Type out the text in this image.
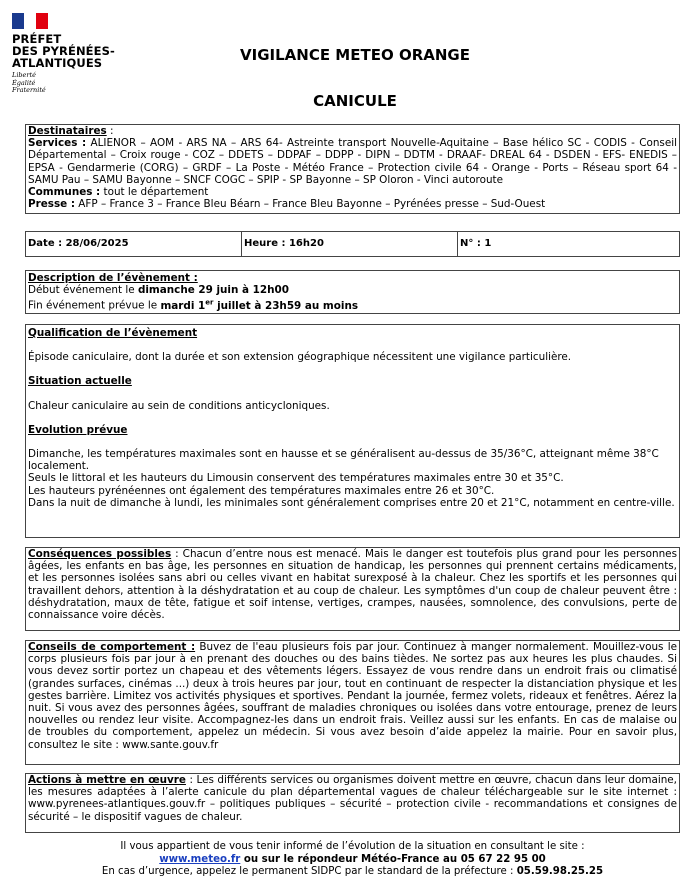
PRÉFET
DES PYRÉNÉES-
ATLANTIQUES
Liberté
Égalité
Fraternité
VIGILANCE METEO ORANGE
CANICULE

Destinataires :

Services : ALIENOR – AOM - ARS NA – ARS 64- Astreinte transport Nouvelle-Aquitaine – Base hélico SC - CODIS - Conseil Départemental – Croix rouge - COZ – DDETS – DDPAF – DDPP - DIPN – DDTM - DRAAF- DREAL 64 - DSDEN - EFS- ENEDIS – EPSA - Gendarmerie (CORG) – GRDF – La Poste - Météo France – Protection civile 64 - Orange - Ports – Réseau sport 64 - SAMU Pau – SAMU Bayonne – SNCF COGC – SPIP - SP Bayonne – SP Oloron - Vinci autoroute

Communes : tout le département

Presse : AFP – France 3 – France Bleu Béarn – France Bleu Bayonne – Pyrénées presse – Sud-Ouest

Date : 28/06/2025	Heure : 16h20	N° : 1

Description de l’évènement :

Début événement le dimanche 29 juin à 12h00

Fin événement prévue le mardi 1er juillet à 23h59 au moins

Qualification de l’évènement

Épisode caniculaire, dont la durée et son extension géographique nécessitent une vigilance particulière.

Situation actuelle

Chaleur caniculaire au sein de conditions anticycloniques.

Evolution prévue

Dimanche, les températures maximales sont en hausse et se généralisent au-dessus de 35/36°C, atteignant même 38°C localement.

Seuls le littoral et les hauteurs du Limousin conservent des températures maximales entre 30 et 35°C.

Les hauteurs pyrénéennes ont également des températures maximales entre 26 et 30°C.

Dans la nuit de dimanche à lundi, les minimales sont généralement comprises entre 20 et 21°C, notamment en centre-ville.

Conséquences possibles : Chacun d’entre nous est menacé. Mais le danger est toutefois plus grand pour les personnes âgées, les enfants en bas âge, les personnes en situation de handicap, les personnes qui prennent certains médicaments, et les personnes isolées sans abri ou celles vivant en habitat surexposé à la chaleur. Chez les sportifs et les personnes qui travaillent dehors, attention à la déshydratation et au coup de chaleur. Les symptômes d'un coup de chaleur peuvent être : déshydratation, maux de tête, fatigue et soif intense, vertiges, crampes, nausées, somnolence, des convulsions, perte de connaissance voire décès.

Conseils de comportement : Buvez de l'eau plusieurs fois par jour. Continuez à manger normalement. Mouillez-vous le corps plusieurs fois par jour à en prenant des douches ou des bains tièdes. Ne sortez pas aux heures les plus chaudes. Si vous devez sortir portez un chapeau et des vêtements légers. Essayez de vous rendre dans un endroit frais ou climatisé (grandes surfaces, cinémas ...) deux à trois heures par jour, tout en continuant de respecter la distanciation physique et les gestes barrière. Limitez vos activités physiques et sportives. Pendant la journée, fermez volets, rideaux et fenêtres. Aérez la nuit. Si vous avez des personnes âgées, souffrant de maladies chroniques ou isolées dans votre entourage, prenez de leurs nouvelles ou rendez leur visite. Accompagnez-les dans un endroit frais. Veillez aussi sur les enfants. En cas de malaise ou de troubles du comportement, appelez un médecin. Si vous avez besoin d’aide appelez la mairie. Pour en savoir plus, consultez le site : www.sante.gouv.fr

Actions à mettre en œuvre : Les différents services ou organismes doivent mettre en œuvre, chacun dans leur domaine, les mesures adaptées à l’alerte canicule du plan départemental vagues de chaleur téléchargeable sur le site internet : www.pyrenees-atlantiques.gouv.fr – politiques publiques – sécurité – protection civile - recommandations et consignes de sécurité – le dispositif vagues de chaleur.

Il vous appartient de vous tenir informé de l’évolution de la situation en consultant le site :
www.meteo.fr ou sur le répondeur Météo-France au 05 67 22 95 00
En cas d’urgence, appelez le permanent SIDPC par le standard de la préfecture : 05.59.98.25.25
